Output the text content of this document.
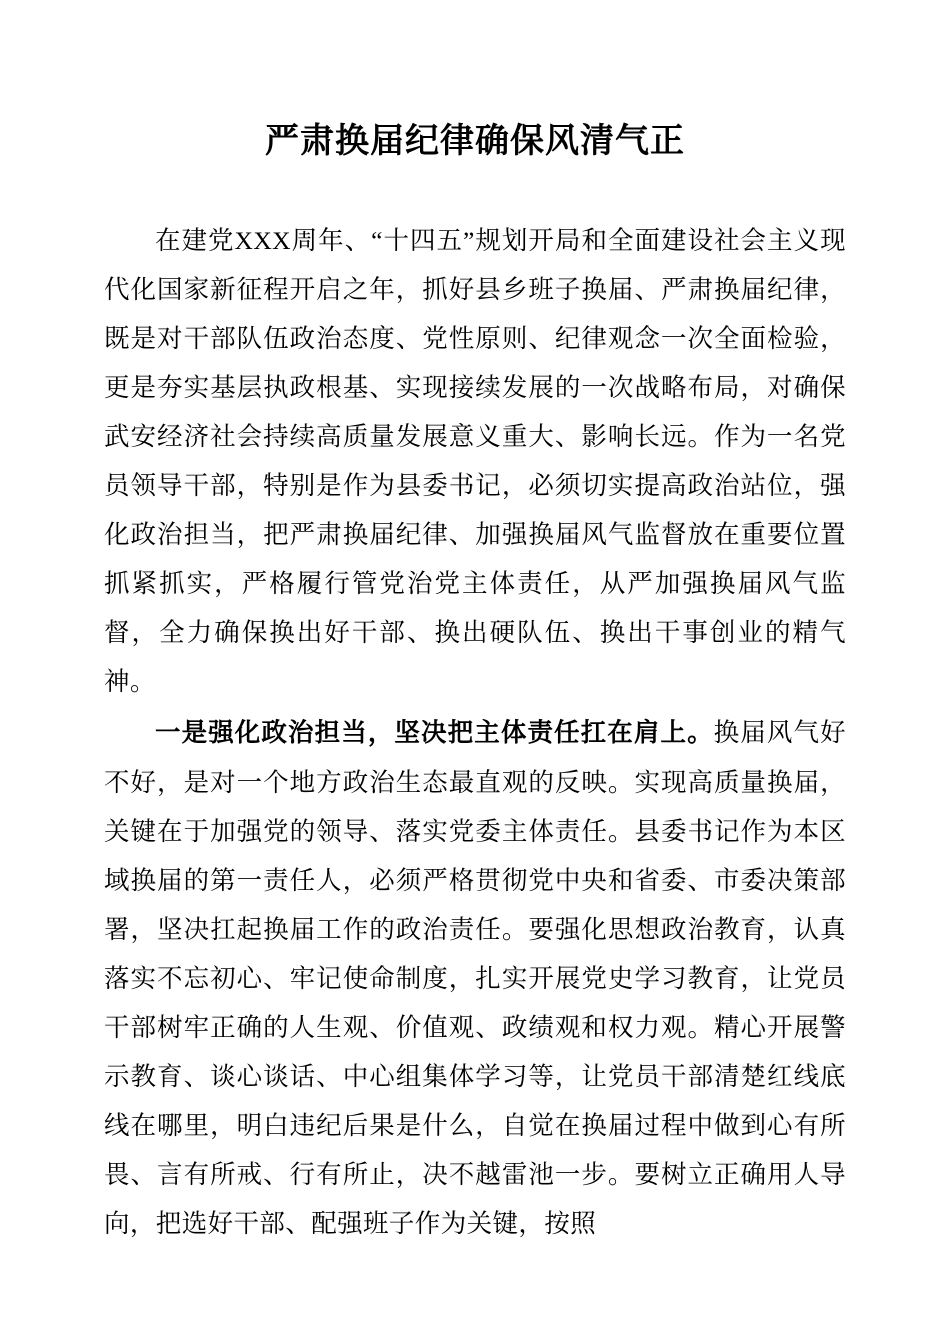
严肃换届纪律确保风清气正

在建党XXX周年、“十四五”规划开局和全面建设社会主义现代化国家新征程开启之年，抓好县乡班子换届、严肃换届纪律，既是对干部队伍政治态度、党性原则、纪律观念一次全面检验，更是夯实基层执政根基、实现接续发展的一次战略布局，对确保武安经济社会持续高质量发展意义重大、影响长远。作为一名党员领导干部，特别是作为县委书记，必须切实提高政治站位，强化政治担当，把严肃换届纪律、加强换届风气监督放在重要位置抓紧抓实，严格履行管党治党主体责任，从严加强换届风气监督，全力确保换出好干部、换出硬队伍、换出干事创业的精气神。

一是强化政治担当，坚决把主体责任扛在肩上。换届风气好不好，是对一个地方政治生态最直观的反映。实现高质量换届，关键在于加强党的领导、落实党委主体责任。县委书记作为本区域换届的第一责任人，必须严格贯彻党中央和省委、市委决策部署，坚决扛起换届工作的政治责任。要强化思想政治教育，认真落实不忘初心、牢记使命制度，扎实开展党史学习教育，让党员干部树牢正确的人生观、价值观、政绩观和权力观。精心开展警示教育、谈心谈话、中心组集体学习等，让党员干部清楚红线底线在哪里，明白违纪后果是什么，自觉在换届过程中做到心有所畏、言有所戒、行有所止，决不越雷池一步。要树立正确用人导向，把选好干部、配强班子作为关键，按照
